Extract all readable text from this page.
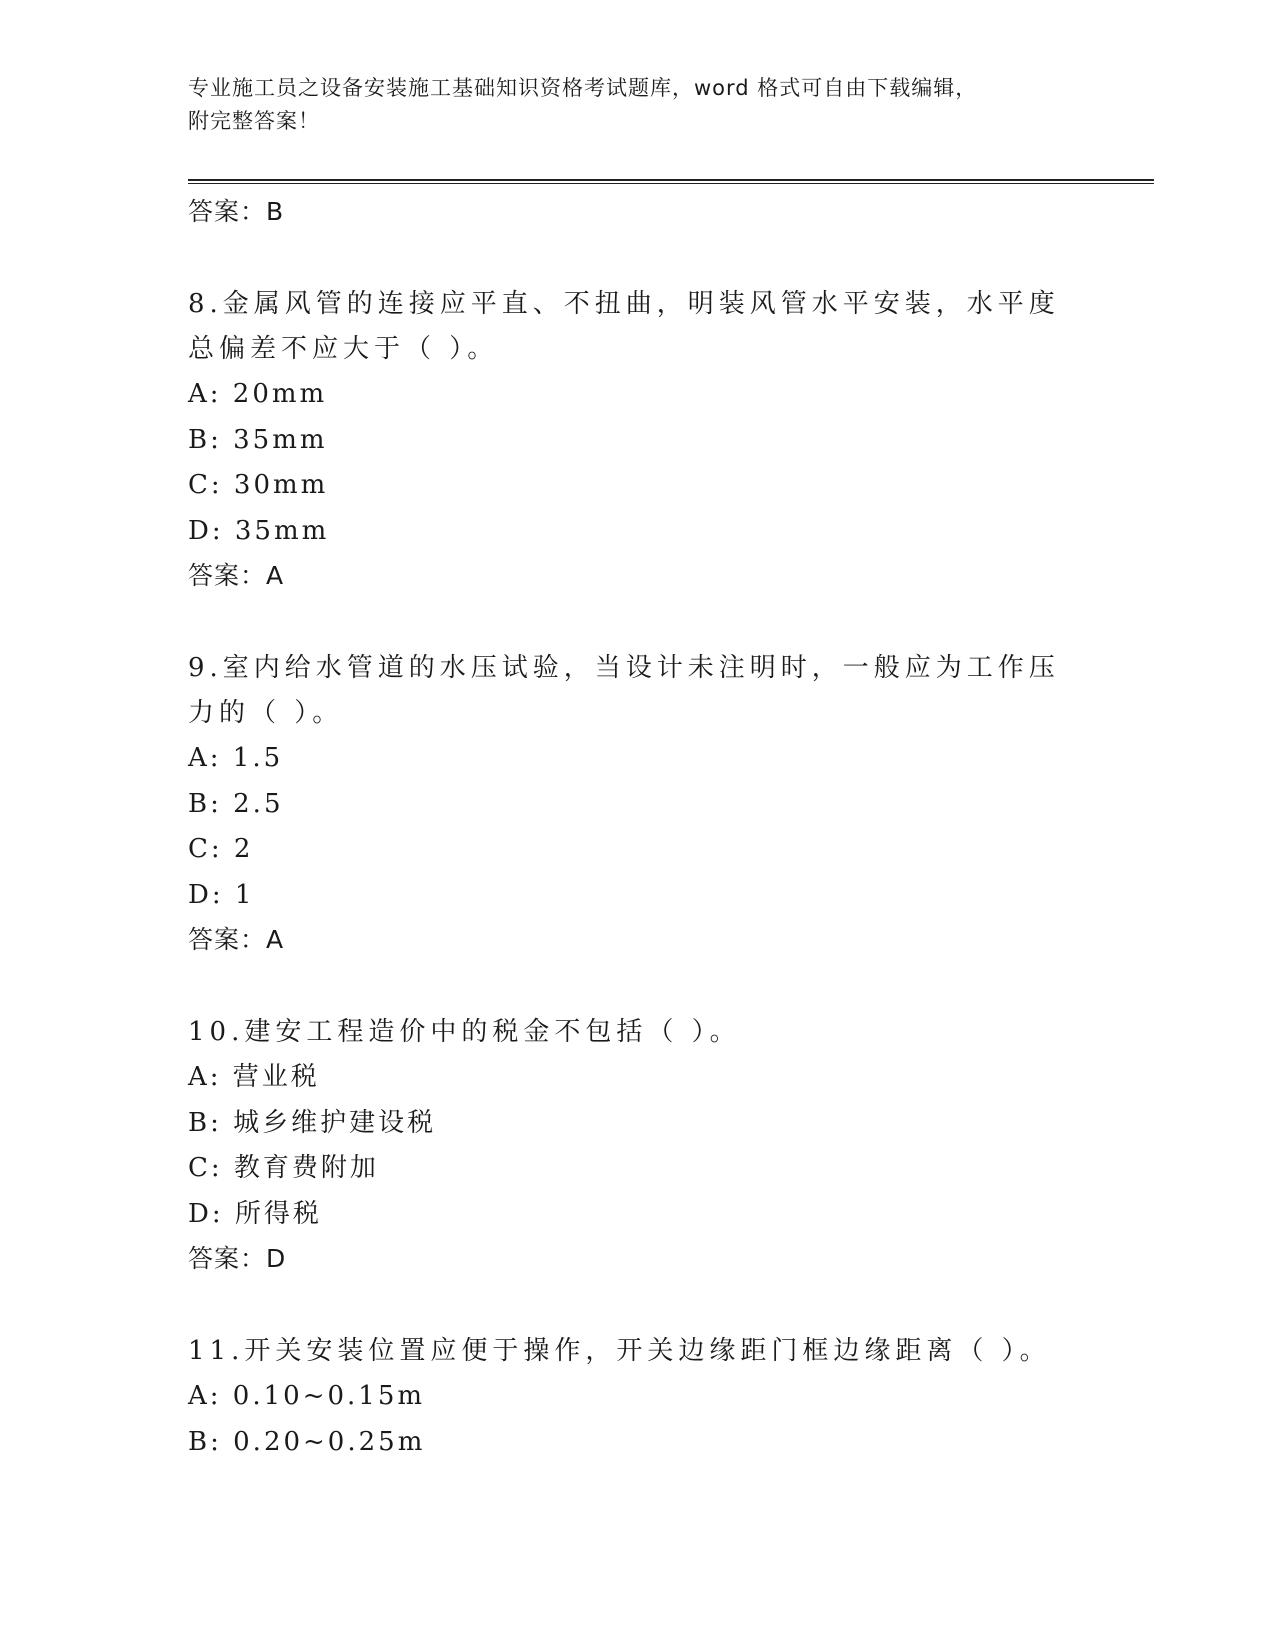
专业施工员之设备安装施工基础知识资格考试题库，word 格式可自由下载编辑，
附完整答案！

答案：B

8.金属风管的连接应平直、不扭曲，明装风管水平安装，水平度总偏差不应大于（ ）。

A: 20mm

B: 35mm

C: 30mm

D: 35mm

答案：A

9.室内给水管道的水压试验，当设计未注明时，一般应为工作压力的（ ）。

A: 1.5

B: 2.5

C: 2

D: 1

答案：A

10.建安工程造价中的税金不包括（ ）。

A: 营业税

B: 城乡维护建设税

C: 教育费附加

D: 所得税

答案：D

11.开关安装位置应便于操作，开关边缘距门框边缘距离（ ）。

A: 0.10~0.15m

B: 0.20~0.25m
